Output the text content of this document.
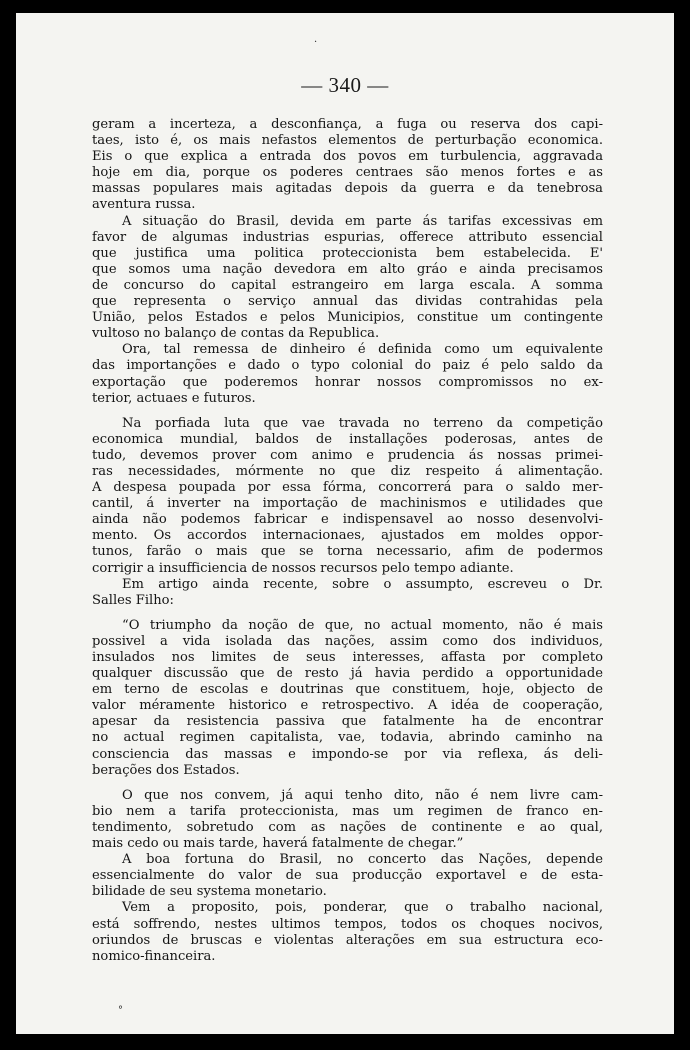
— 340 —
geram a incerteza, a desconfiança, a fuga ou reserva dos capi-
taes, isto é, os mais nefastos elementos de perturbação economica.
Eis o que explica a entrada dos povos em turbulencia, aggravada
hoje em dia, porque os poderes centraes são menos fortes e as
massas populares mais agitadas depois da guerra e da tenebrosa
aventura russa.
A situação do Brasil, devida em parte ás tarifas excessivas em
favor de algumas industrias espurias, offerece attributo essencial
que justifica uma politica proteccionista bem estabelecida. E'
que somos uma nação devedora em alto gráo e ainda precisamos
de concurso do capital estrangeiro em larga escala. A somma
que representa o serviço annual das dividas contrahidas pela
União, pelos Estados e pelos Municipios, constitue um contingente
vultoso no balanço de contas da Republica.
Ora, tal remessa de dinheiro é definida como um equivalente
das importanções e dado o typo colonial do paiz é pelo saldo da
exportação que poderemos honrar nossos compromissos no ex-
terior, actuaes e futuros.
Na porfiada luta que vae travada no terreno da competição
economica mundial, baldos de installações poderosas, antes de
tudo, devemos prover com animo e prudencia ás nossas primei-
ras necessidades, mórmente no que diz respeito á alimentação.
A despesa poupada por essa fórma, concorrerá para o saldo mer-
cantil, á inverter na importação de machinismos e utilidades que
ainda não podemos fabricar e indispensavel ao nosso desenvolvi-
mento. Os accordos internacionaes, ajustados em moldes oppor-
tunos, farão o mais que se torna necessario, afim de podermos
corrigir a insufficiencia de nossos recursos pelo tempo adiante.
Em artigo ainda recente, sobre o assumpto, escreveu o Dr.
Salles Filho:
“O triumpho da noção de que, no actual momento, não é mais
possivel a vida isolada das nações, assim como dos individuos,
insulados nos limites de seus interesses, affasta por completo
qualquer discussão que de resto já havia perdido a opportunidade
em terno de escolas e doutrinas que constituem, hoje, objecto de
valor méramente historico e retrospectivo. A idéa de cooperação,
apesar da resistencia passiva que fatalmente ha de encontrar
no actual regimen capitalista, vae, todavia, abrindo caminho na
consciencia das massas e impondo-se por via reflexa, ás deli-
berações dos Estados.
O que nos convem, já aqui tenho dito, não é nem livre cam-
bio nem a tarifa proteccionista, mas um regimen de franco en-
tendimento, sobretudo com as nações de continente e ao qual,
mais cedo ou mais tarde, haverá fatalmente de chegar.”
A boa fortuna do Brasil, no concerto das Nações, depende
essencialmente do valor de sua producção exportavel e de esta-
bilidade de seu systema monetario.
Vem a proposito, pois, ponderar, que o trabalho nacional,
está soffrendo, nestes ultimos tempos, todos os choques nocivos,
oriundos de bruscas e violentas alterações em sua estructura eco-
nomico-financeira.
·
°
